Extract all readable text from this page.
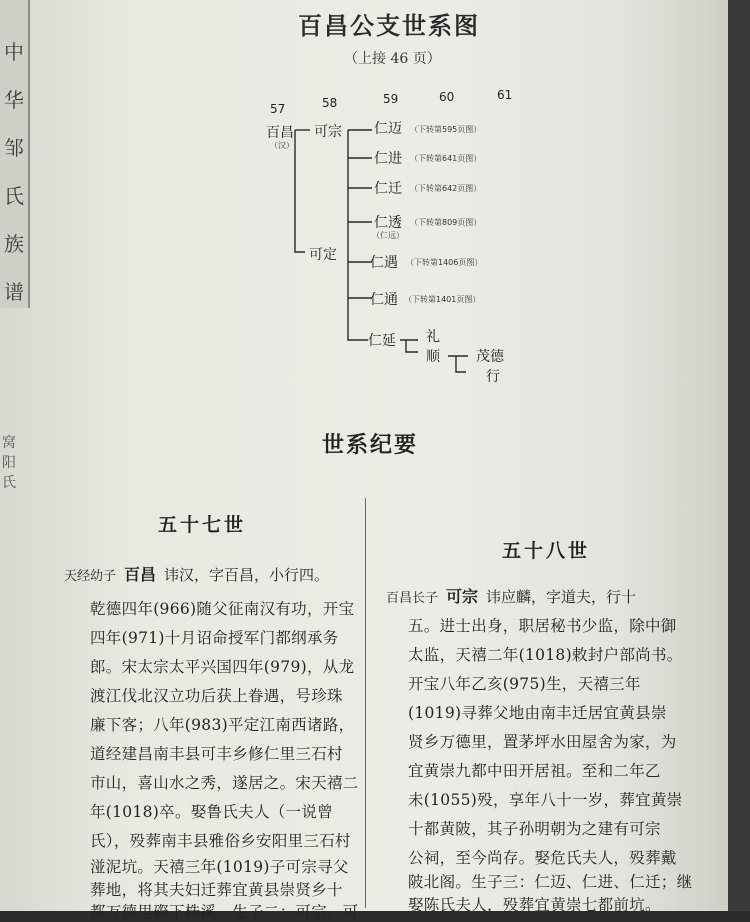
中
华
邹
氏
族
谱
窝
阳
氏
百昌公支世系图
（上接 46 页）
57	58	59	60	61
百昌
（汉）
可宗
可定
仁迈 （下转第595页图）
仁进 （下转第641页图）
仁迁 （下转第642页图）
仁透
（仁远）
（下转第809页图）
仁遇 （下转第1406页图）
仁通 （下转第1401页图）
仁延 礼
顺	茂德
行
世系纪要
五十七世
天经幼子 百昌 讳汉，字百昌，小行四。
乾德四年(966)随父征南汉有功，开宝
四年(971)十月诏命授军门都纲承务
郎。宋太宗太平兴国四年(979)，从龙
渡江伐北汉立功后获上眷遇，号珍珠
廉下客；八年(983)平定江南西诸路，
道经建昌南丰县可丰乡修仁里三石村
市山，喜山水之秀，遂居之。宋天禧二
年(1018)卒。娶鲁氏夫人（一说曾
氏），殁葬南丰县雅俗乡安阳里三石村
湴泥坑。天禧三年(1019)子可宗寻父
葬地，将其夫妇迁葬宜黄县崇贤乡十
都万德里磜下株溪。生子二：可宗、可
五十八世
百昌长子 可宗 讳应麟，字道夫，行十
五。进士出身，职居秘书少监，除中御
太监，天禧二年(1018)敕封户部尚书。
开宝八年乙亥(975)生，天禧三年
(1019)寻葬父地由南丰迁居宜黄县崇
贤乡万德里，置茅坪水田屋舍为家，为
宜黄崇九都中田开居祖。至和二年乙
未(1055)殁，享年八十一岁，葬宜黄崇
十都黄陂，其子孙明朝为之建有可宗
公祠，至今尚存。娶危氏夫人，殁葬戴
陂北阁。生子三：仁迈、仁进、仁迁；继
娶陈氏夫人，殁葬宜黄崇七都前坑。
